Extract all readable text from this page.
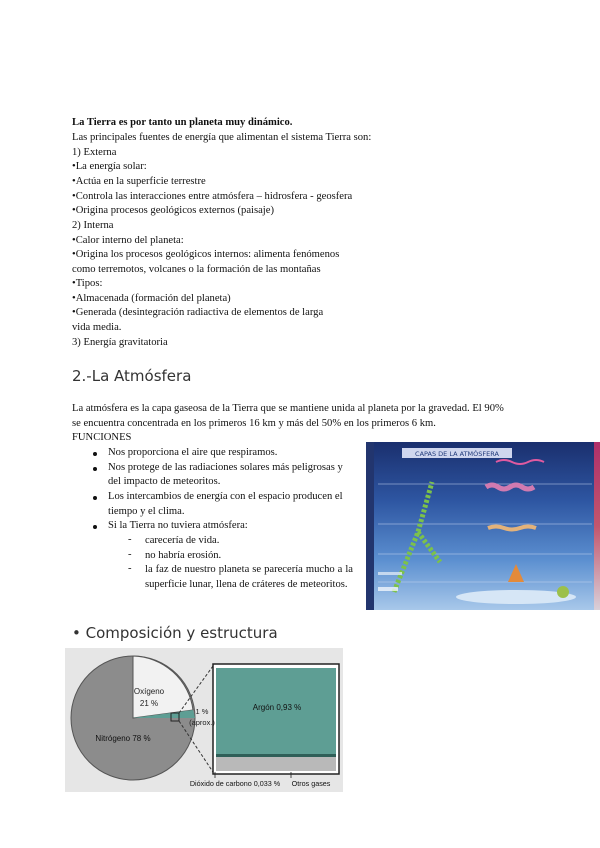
La Tierra es por tanto un planeta muy dinámico.
Las principales fuentes de energía que alimentan el sistema Tierra son:
1) Externa
•La energía solar:
•Actúa en la superficie terrestre
•Controla las interacciones entre atmósfera – hidrosfera - geosfera
•Origina procesos geológicos externos (paisaje)
2) Interna
•Calor interno del planeta:
•Origina los procesos geológicos internos: alimenta fenómenos
como terremotos, volcanes o la formación de las montañas
•Tipos:
•Almacenada (formación del planeta)
•Generada (desintegración radiactiva de elementos de larga
vida media.
3) Energía gravitatoria
2.-La Atmósfera
La atmósfera es la capa gaseosa de la Tierra que se mantiene unida al planeta por la gravedad. El 90%
se encuentra concentrada en los primeros 16 km y más del 50% en los primeros 6 km.
FUNCIONES
Nos proporciona el aire que respiramos.
Nos protege de las radiaciones solares más peligrosas y
del impacto de meteoritos.
Los intercambios de energía con el espacio producen el
tiempo y el clima.
Si la Tierra no tuviera atmósfera:
- carecería de vida.
- no habría erosión.
- la faz de nuestro planeta se parecería mucho a la superficie lunar, llena de cráteres de meteoritos.
CAPAS DE LA ATMÓSFERA
• Composición y estructura
Oxígeno
21 %
Nitrógeno 78 %
1 %
(aprox.)
Argón 0,93 %
Dióxido de carbono 0,033 % Otros gases
